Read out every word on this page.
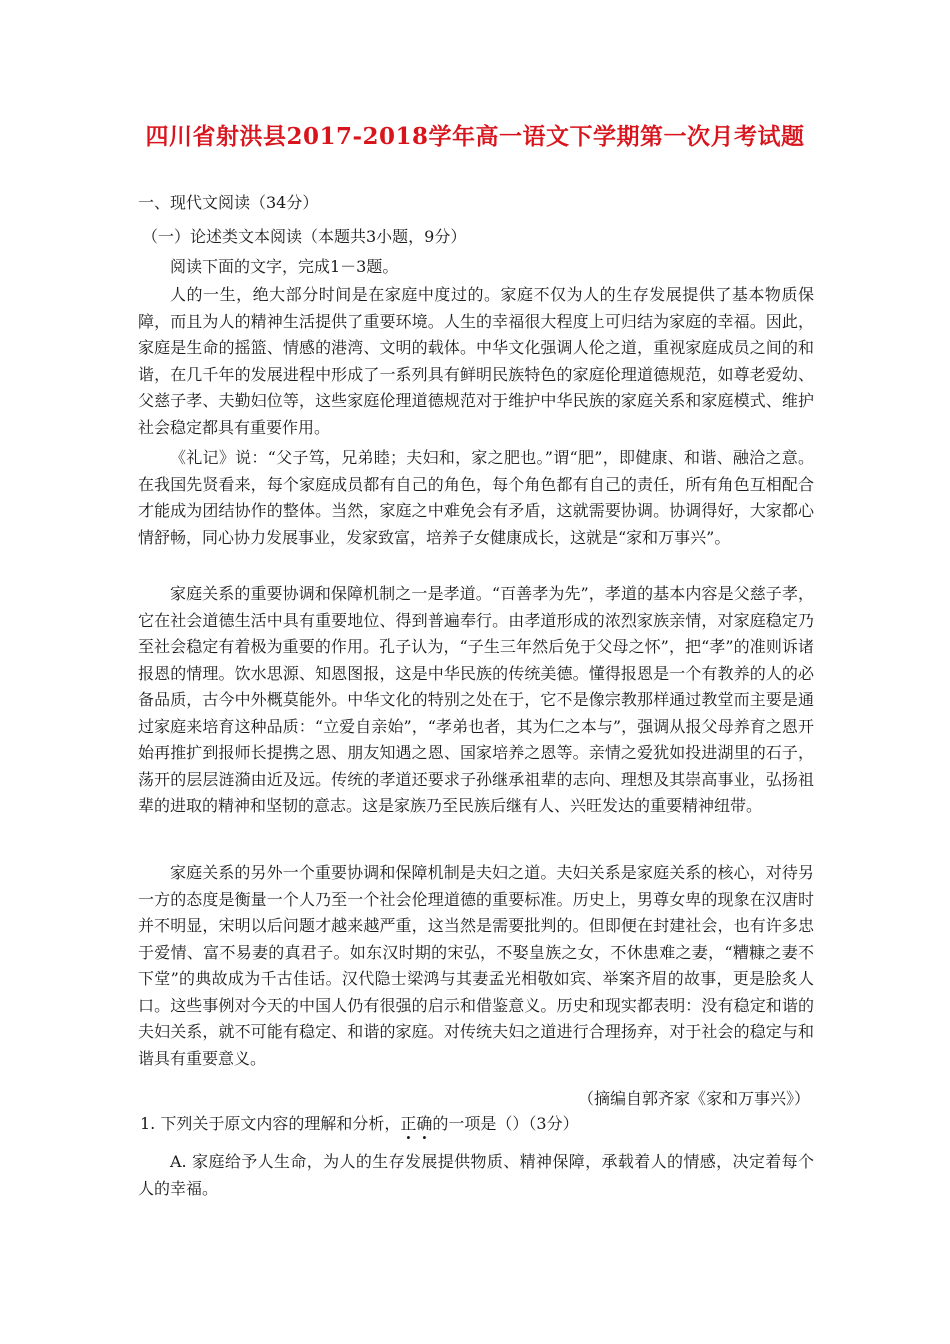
四川省射洪县2017-2018学年高一语文下学期第一次月考试题
一、现代文阅读（34分）
（一）论述类文本阅读（本题共3小题，9分）
阅读下面的文字，完成1－3题。
人的一生，绝大部分时间是在家庭中度过的。家庭不仅为人的生存发展提供了基本物质保障，而且为人的精神生活提供了重要环境。人生的幸福很大程度上可归结为家庭的幸福。因此，家庭是生命的摇篮、情感的港湾、文明的载体。中华文化强调人伦之道，重视家庭成员之间的和谐，在几千年的发展进程中形成了一系列具有鲜明民族特色的家庭伦理道德规范，如尊老爱幼、父慈子孝、夫勤妇位等，这些家庭伦理道德规范对于维护中华民族的家庭关系和家庭模式、维护社会稳定都具有重要作用。
《礼记》说：“父子笃，兄弟睦；夫妇和，家之肥也。”谓“肥”，即健康、和谐、融洽之意。在我国先贤看来，每个家庭成员都有自己的角色，每个角色都有自己的责任，所有角色互相配合才能成为团结协作的整体。当然，家庭之中难免会有矛盾，这就需要协调。协调得好，大家都心情舒畅，同心协力发展事业，发家致富，培养子女健康成长，这就是“家和万事兴”。
家庭关系的重要协调和保障机制之一是孝道。“百善孝为先”，孝道的基本内容是父慈子孝，它在社会道德生活中具有重要地位、得到普遍奉行。由孝道形成的浓烈家族亲情，对家庭稳定乃至社会稳定有着极为重要的作用。孔子认为，“子生三年然后免于父母之怀”，把“孝”的准则诉诸报恩的情理。饮水思源、知恩图报，这是中华民族的传统美德。懂得报恩是一个有教养的人的必备品质，古今中外概莫能外。中华文化的特别之处在于，它不是像宗教那样通过教堂而主要是通过家庭来培育这种品质：“立爱自亲始”，“孝弟也者，其为仁之本与”，强调从报父母养育之恩开始再推扩到报师长提携之恩、朋友知遇之恩、国家培养之恩等。亲情之爱犹如投进湖里的石子，荡开的层层涟漪由近及远。传统的孝道还要求子孙继承祖辈的志向、理想及其崇高事业，弘扬祖辈的进取的精神和坚韧的意志。这是家族乃至民族后继有人、兴旺发达的重要精神纽带。
家庭关系的另外一个重要协调和保障机制是夫妇之道。夫妇关系是家庭关系的核心，对待另一方的态度是衡量一个人乃至一个社会伦理道德的重要标准。历史上，男尊女卑的现象在汉唐时并不明显，宋明以后问题才越来越严重，这当然是需要批判的。但即便在封建社会，也有许多忠于爱情、富不易妻的真君子。如东汉时期的宋弘，不娶皇族之女，不休患难之妻，“糟糠之妻不下堂”的典故成为千古佳话。汉代隐士梁鸿与其妻孟光相敬如宾、举案齐眉的故事，更是脍炙人口。这些事例对今天的中国人仍有很强的启示和借鉴意义。历史和现实都表明：没有稳定和谐的夫妇关系，就不可能有稳定、和谐的家庭。对传统夫妇之道进行合理扬弃，对于社会的稳定与和谐具有重要意义。
（摘编自郭齐家《家和万事兴》）
1. 下列关于原文内容的理解和分析，正确的一项是（）（3分）
A. 家庭给予人生命，为人的生存发展提供物质、精神保障，承载着人的情感，决定着每个人的幸福。
